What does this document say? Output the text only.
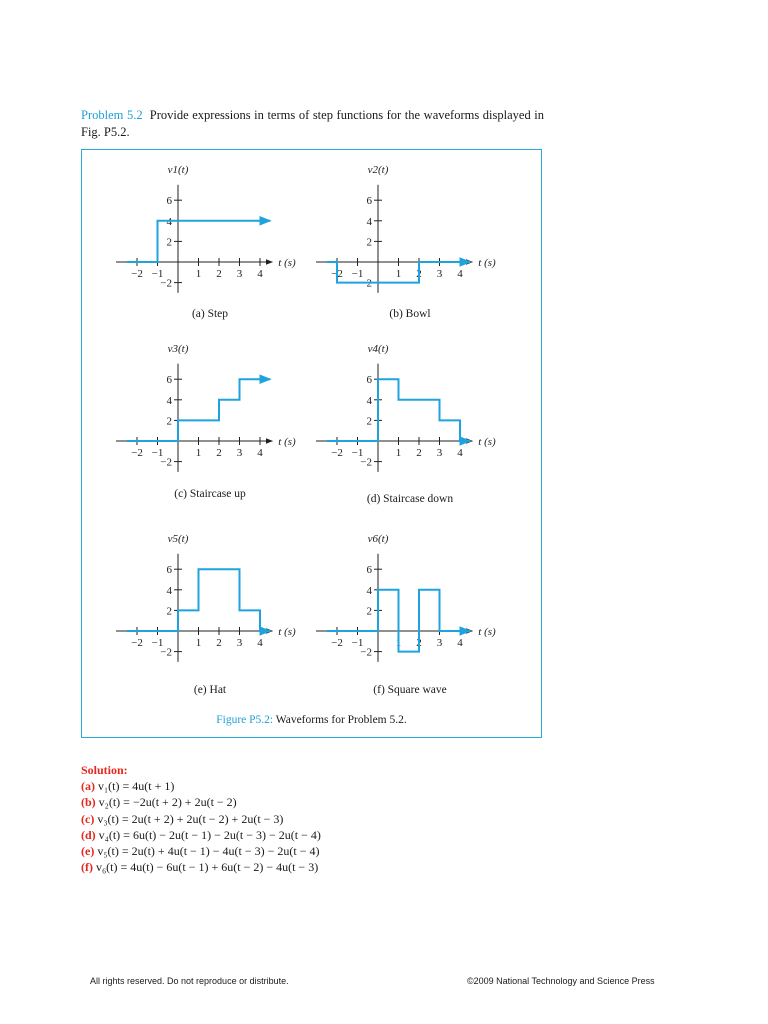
Problem 5.2 Provide expressions in terms of step functions for the waveforms displayed in Fig. P5.2.
−2 −1	1 2 3 4
6
4
2
−2
v1(t)
t (s)
−2 −1	1 2 3 4
6
4
2
−2
v2(t)
t (s)
−2 −1	1 2 3 4
6
4
2
−2
v3(t)
t (s)
−2 −1	1 2 3 4
6
4
2
−2
v4(t)
t (s)
−2 −1	1 2 3 4
6
4
2
−2
v5(t)
t (s)
−2 −1	1 2 3 4
6
4
2
−2
v6(t)
t (s)
(a) Step	(b) Bowl
(c) Staircase up	(d) Staircase down
(e) Hat	(f) Square wave
Figure P5.2: Waveforms for Problem 5.2.
Solution:
(a) v₁(t) = 4u(t + 1)
(b) v₂(t) = −2u(t + 2) + 2u(t − 2)
(c) v₃(t) = 2u(t + 2) + 2u(t − 2) + 2u(t − 3)
(d) v₄(t) = 6u(t) − 2u(t − 1) − 2u(t − 3) − 2u(t − 4)
(e) v₅(t) = 2u(t) + 4u(t − 1) − 4u(t − 3) − 2u(t − 4)
(f) v₆(t) = 4u(t) − 6u(t − 1) + 6u(t − 2) − 4u(t − 3)
All rights reserved. Do not reproduce or distribute.	©2009 National Technology and Science Press
